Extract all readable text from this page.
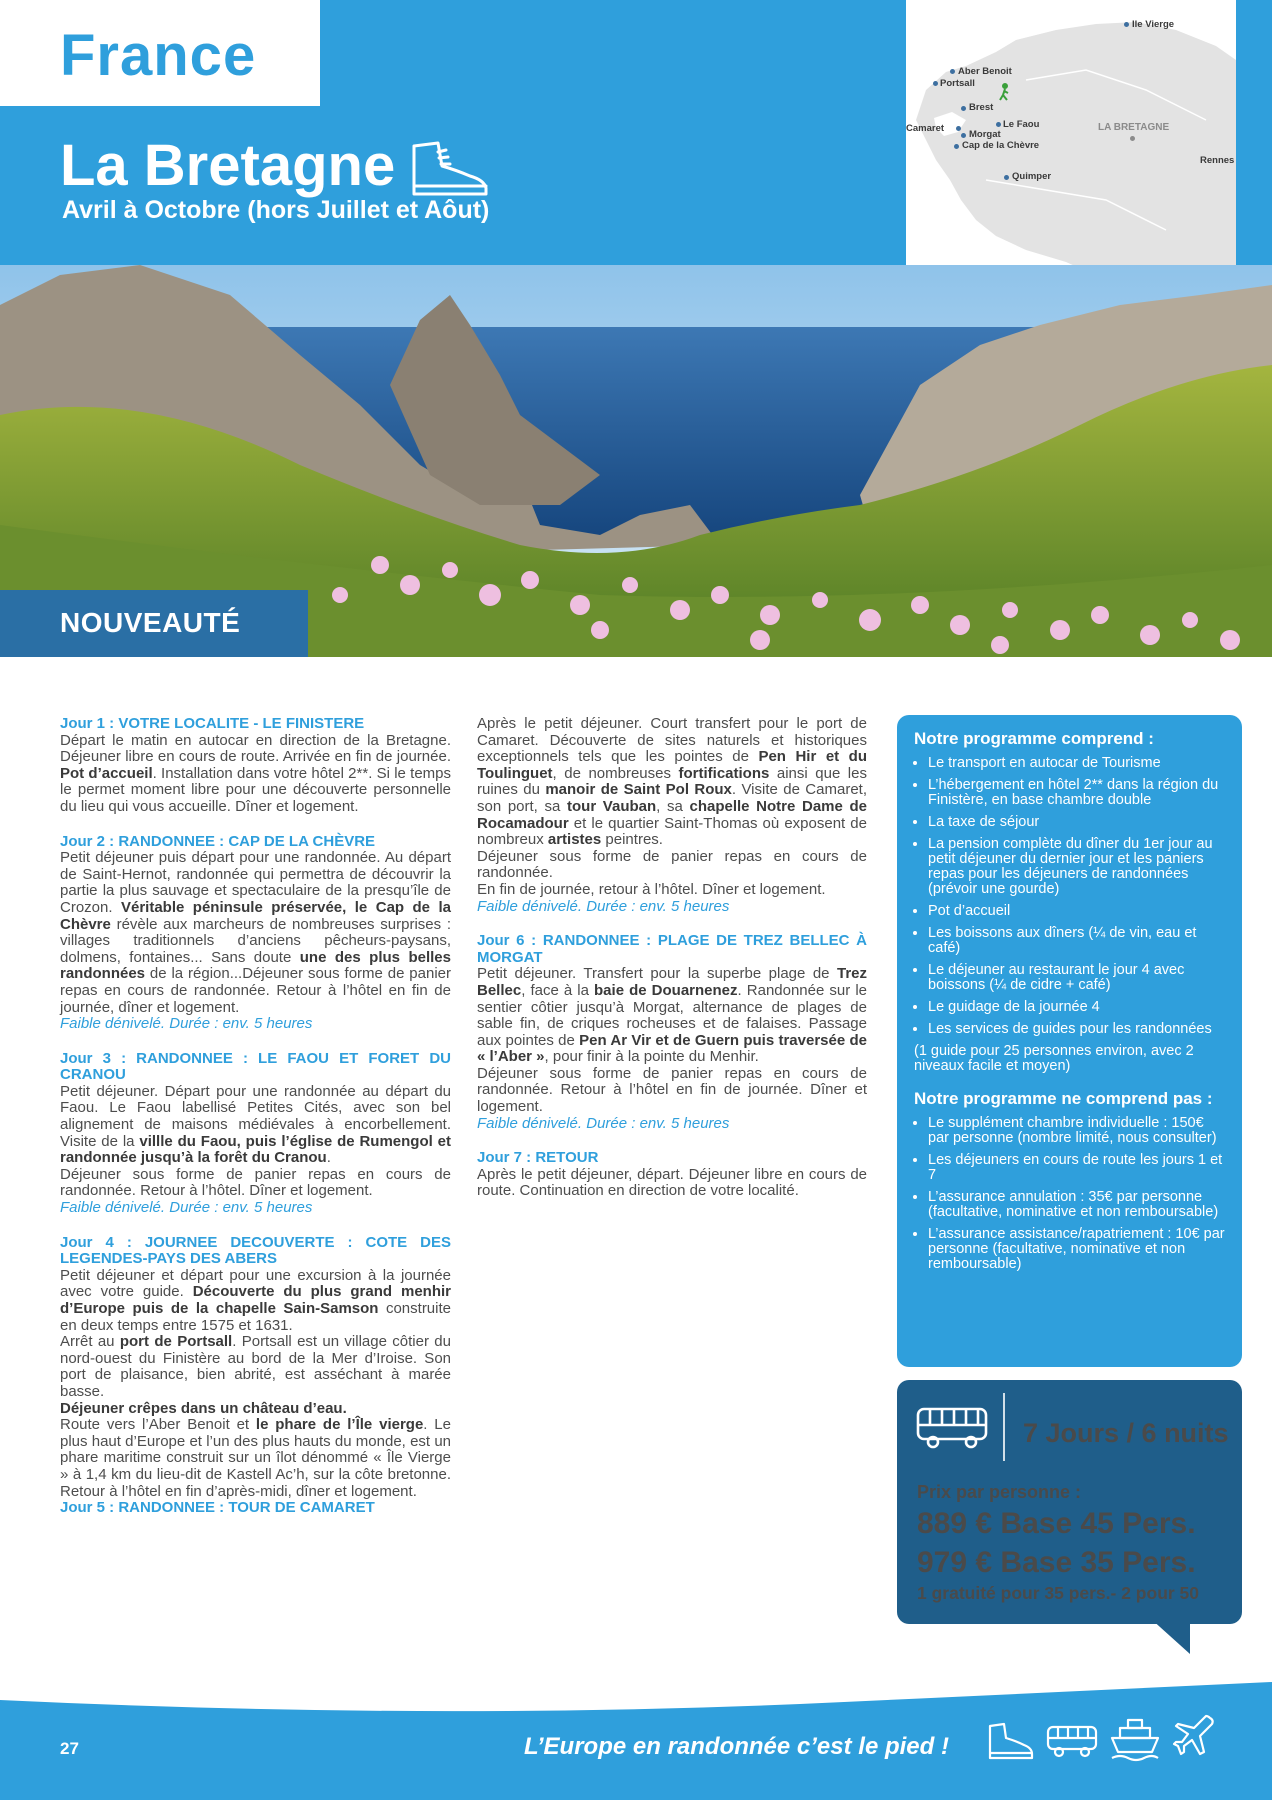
France
La Bretagne
Avril à Octobre (hors Juillet et Aôut)
Ile Vierge
Aber Benoit
Portsall
Brest
Camaret	Le Faou
Morgat
Cap de la Chèvre
Quimper
LA BRETAGNE
Rennes
NOUVEAUTÉ

Jour 1 : VOTRE LOCALITE - LE FINISTERE

Départ le matin en autocar en direction de la Bretagne. Déjeuner libre en cours de route. Arrivée en fin de journée. Pot d’accueil. Installation dans votre hôtel 2**. Si le temps le permet moment libre pour une découverte personnelle du lieu qui vous accueille. Dîner et logement.

Jour 2 : RANDONNEE : CAP DE LA CHÈVRE

Petit déjeuner puis départ pour une randonnée. Au départ de Saint-Hernot, randonnée qui permettra de découvrir la partie la plus sauvage et spectaculaire de la presqu’île de Crozon. Véritable péninsule préservée, le Cap de la Chèvre révèle aux marcheurs de nombreuses surprises : villages traditionnels d’anciens pêcheurs-paysans, dolmens, fontaines... Sans doute une des plus belles randonnées de la région...Déjeuner sous forme de panier repas en cours de randonnée. Retour à l’hôtel en fin de journée, dîner et logement.

Faible dénivelé. Durée : env. 5 heures

Jour 3 : RANDONNEE : LE FAOU ET FORET DU CRANOU

Petit déjeuner. Départ pour une randonnée au départ du Faou. Le Faou labellisé Petites Cités, avec son bel alignement de maisons médiévales à encorbellement. Visite de la villle du Faou, puis l’église de Rumengol et randonnée jusqu’à la forêt du Cranou.

Déjeuner sous forme de panier repas en cours de randonnée. Retour à l’hôtel. Dîner et logement.

Faible dénivelé. Durée : env. 5 heures

Jour 4 : JOURNEE DECOUVERTE : COTE DES LEGENDES-PAYS DES ABERS

Petit déjeuner et départ pour une excursion à la journée avec votre guide. Découverte du plus grand menhir d’Europe puis de la chapelle Sain-Samson construite en deux temps entre 1575 et 1631.

Arrêt au port de Portsall. Portsall est un village côtier du nord-ouest du Finistère au bord de la Mer d’Iroise. Son port de plaisance, bien abrité, est asséchant à marée basse.

Déjeuner crêpes dans un château d’eau.

Route vers l’Aber Benoit et le phare de l’Île vierge. Le plus haut d’Europe et l’un des plus hauts du monde, est un phare maritime construit sur un îlot dénommé « Île Vierge » à 1,4 km du lieu-dit de Kastell Ac’h, sur la côte bretonne. Retour à l’hôtel en fin d’après-midi, dîner et logement.

Jour 5 : RANDONNEE : TOUR DE CAMARET

Après le petit déjeuner. Court transfert pour le port de Camaret. Découverte de sites naturels et historiques exceptionnels tels que les pointes de Pen Hir et du Toulinguet, de nombreuses fortifications ainsi que les ruines du manoir de Saint Pol Roux. Visite de Camaret, son port, sa tour Vauban, sa chapelle Notre Dame de Rocamadour et le quartier Saint-Thomas où exposent de nombreux artistes peintres.

Déjeuner sous forme de panier repas en cours de randonnée.

En fin de journée, retour à l’hôtel. Dîner et logement.

Faible dénivelé. Durée : env. 5 heures

Jour 6 : RANDONNEE : PLAGE DE TREZ BELLEC À MORGAT

Petit déjeuner. Transfert pour la superbe plage de Trez Bellec, face à la baie de Douarnenez. Randonnée sur le sentier côtier jusqu’à Morgat, alternance de plages de sable fin, de criques rocheuses et de falaises. Passage aux pointes de Pen Ar Vir et de Guern puis traversée de « l’Aber », pour finir à la pointe du Menhir.

Déjeuner sous forme de panier repas en cours de randonnée. Retour à l’hôtel en fin de journée. Dîner et logement.

Faible dénivelé. Durée : env. 5 heures

Jour 7 : RETOUR

Après le petit déjeuner, départ. Déjeuner libre en cours de route. Continuation en direction de votre localité.

Notre programme comprend :
• Le transport en autocar de Tourisme
• L’hébergement en hôtel 2** dans la région du Finistère, en base chambre double
• La taxe de séjour
• La pension complète du dîner du 1er jour au petit déjeuner du dernier jour et les paniers repas pour les déjeuners de randonnées (prévoir une gourde)
• Pot d’accueil
• Les boissons aux dîners (¼ de vin, eau et café)
• Le déjeuner au restaurant le jour 4 avec boissons (¼ de cidre + café)
• Le guidage de la journée 4
• Les services de guides pour les randonnées

(1 guide pour 25 personnes environ, avec 2 niveaux facile et moyen)

Notre programme ne comprend pas :
• Le supplément chambre individuelle : 150€ par personne (nombre limité, nous consulter)
• Les déjeuners en cours de route les jours 1 et 7
• L’assurance annulation : 35€ par personne (facultative, nominative et non remboursable)
• L’assurance assistance/rapatriement : 10€ par personne (facultative, nominative et non remboursable)
7 Jours / 6 nuits
Prix par personne :
889 € Base 45 Pers.
979 € Base 35 Pers.
1 gratuité pour 35 pers.- 2 pour 50
27	L’Europe en randonnée c’est le pied !
